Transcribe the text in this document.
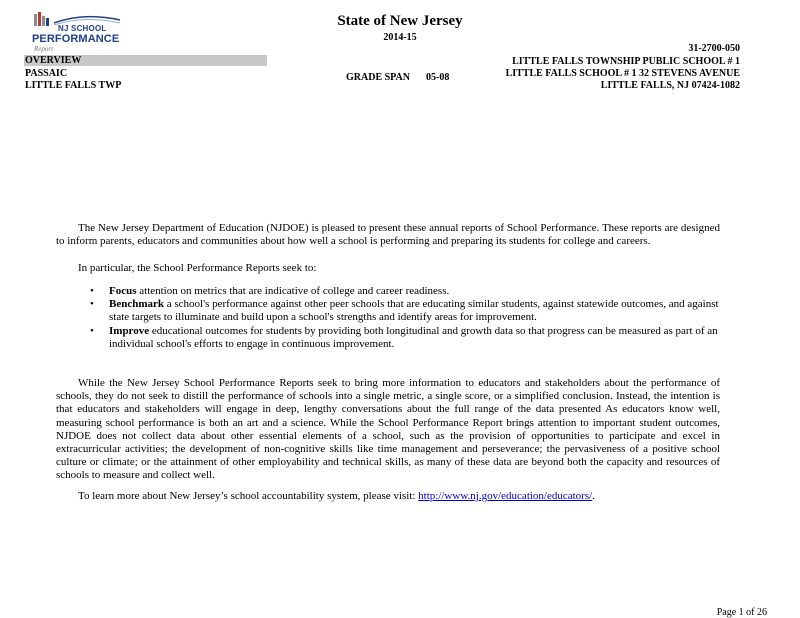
NJ SCHOOL
PERFORMANCE
Report
State of New Jersey
2014-15
OVERVIEW
PASSAIC
LITTLE FALLS TWP
GRADE SPAN 05-08
31-2700-050
LITTLE FALLS TOWNSHIP PUBLIC SCHOOL # 1
LITTLE FALLS SCHOOL # 1 32 STEVENS AVENUE
LITTLE FALLS, NJ 07424-1082
The New Jersey Department of Education (NJDOE) is pleased to present these annual reports of School Performance. These reports are designed to inform parents, educators and communities about how well a school is performing and preparing its students for college and careers.
In particular, the School Performance Reports seek to:
• Focus attention on metrics that are indicative of college and career readiness.
• Benchmark a school's performance against other peer schools that are educating similar students, against statewide outcomes, and against state targets to illuminate and build upon a school's strengths and identify areas for improvement.
• Improve educational outcomes for students by providing both longitudinal and growth data so that progress can be measured as part of an individual school's efforts to engage in continuous improvement.
While the New Jersey School Performance Reports seek to bring more information to educators and stakeholders about the performance of schools, they do not seek to distill the performance of schools into a single metric, a single score, or a simplified conclusion. Instead, the intention is that educators and stakeholders will engage in deep, lengthy conversations about the full range of the data presented As educators know well, measuring school performance is both an art and a science. While the School Performance Report brings attention to important student outcomes, NJDOE does not collect data about other essential elements of a school, such as the provision of opportunities to participate and excel in extracurricular activities; the development of non-cognitive skills like time management and perseverance; the pervasiveness of a positive school culture or climate; or the attainment of other employability and technical skills, as many of these data are beyond both the capacity and resources of schools to measure and collect well.
To learn more about New Jersey’s school accountability system, please visit: http://www.nj.gov/education/educators/.
Page 1 of 26
